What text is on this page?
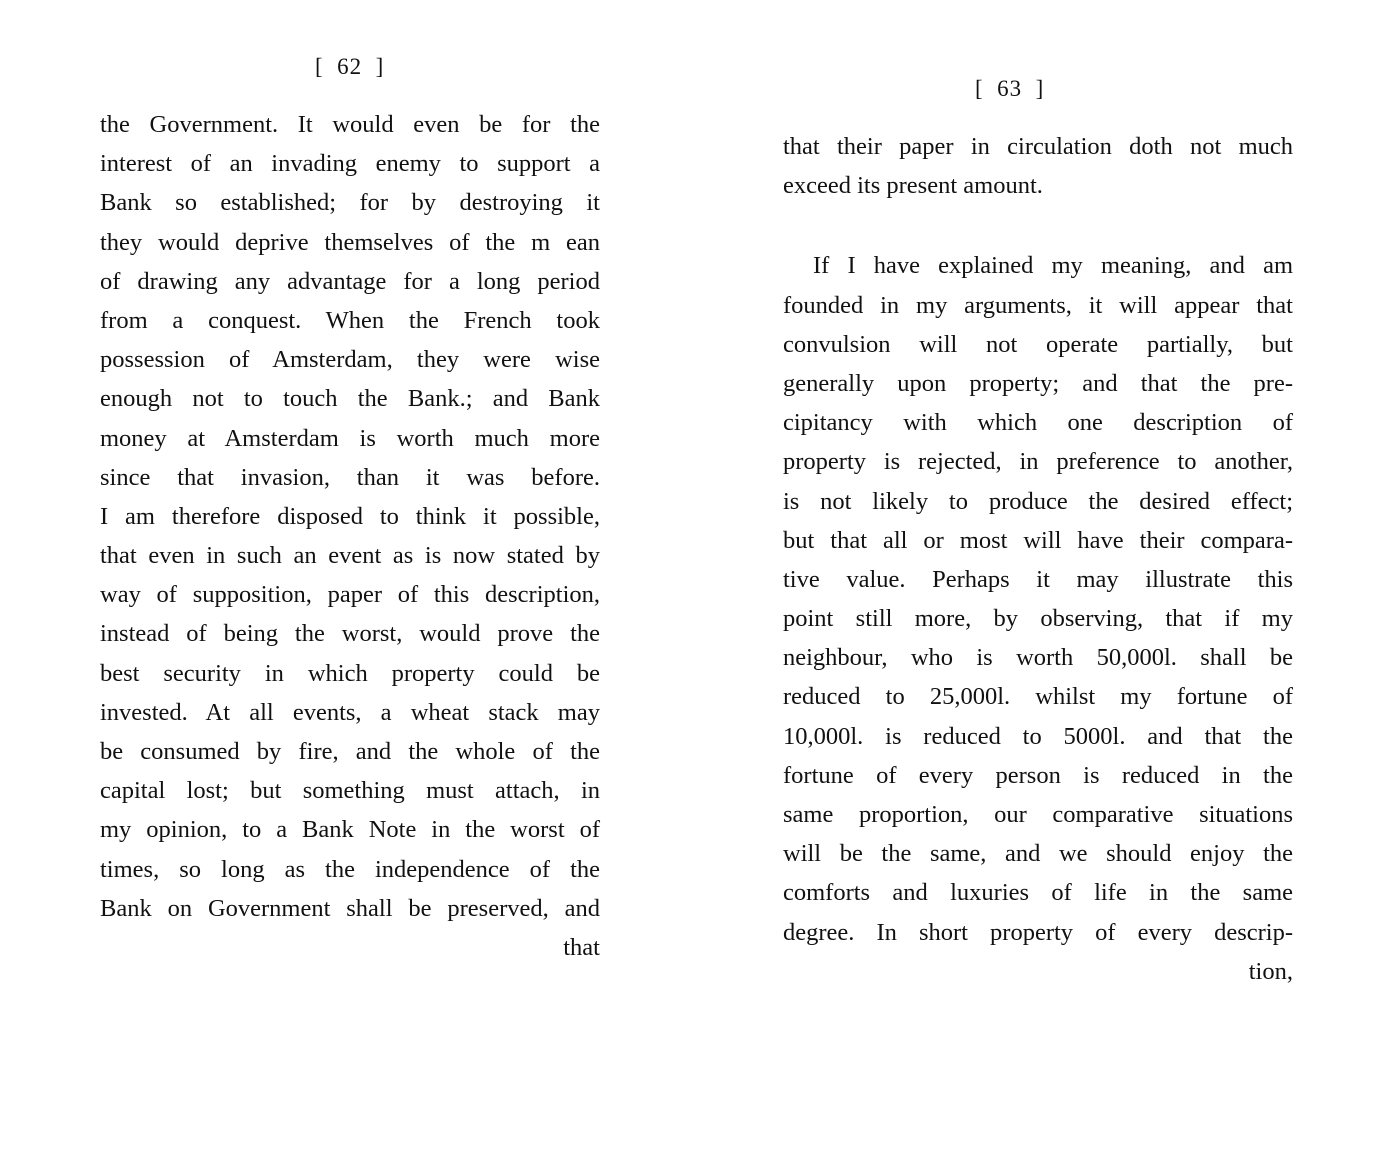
[  62  ]
the Government. It would even be for the
interest of an invading enemy to support a
Bank so established; for by destroying it
they would deprive themselves of the m ean
of drawing any advantage for a long period
from a conquest. When the French took
possession of Amsterdam, they were wise
enough not to touch the Bank.; and Bank
money at Amsterdam is worth much more
since that invasion, than it was before.
I am therefore disposed to think it possible,
that even in such an event as is now stated by
way of supposition, paper of this description,
instead of being the worst, would prove the
best security in which property could be
invested. At all events, a wheat stack may
be consumed by fire, and the whole of the
capital lost; but something must attach, in
my opinion, to a Bank Note in the worst of
times, so long as the independence of the
Bank on Government shall be preserved, and
that
[  63  ]
that their paper in circulation doth not much
exceed its present amount.
If I have explained my meaning, and am
founded in my arguments, it will appear that
convulsion will not operate partially, but
generally upon property; and that the pre-
cipitancy with which one description of
property is rejected, in preference to another,
is not likely to produce the desired effect;
but that all or most will have their compara-
tive value. Perhaps it may illustrate this
point still more, by observing, that if my
neighbour, who is worth 50,000l. shall be
reduced to 25,000l. whilst my fortune of
10,000l. is reduced to 5000l. and that the
fortune of every person is reduced in the
same proportion, our comparative situations
will be the same, and we should enjoy the
comforts and luxuries of life in the same
degree. In short property of every descrip-
tion,
